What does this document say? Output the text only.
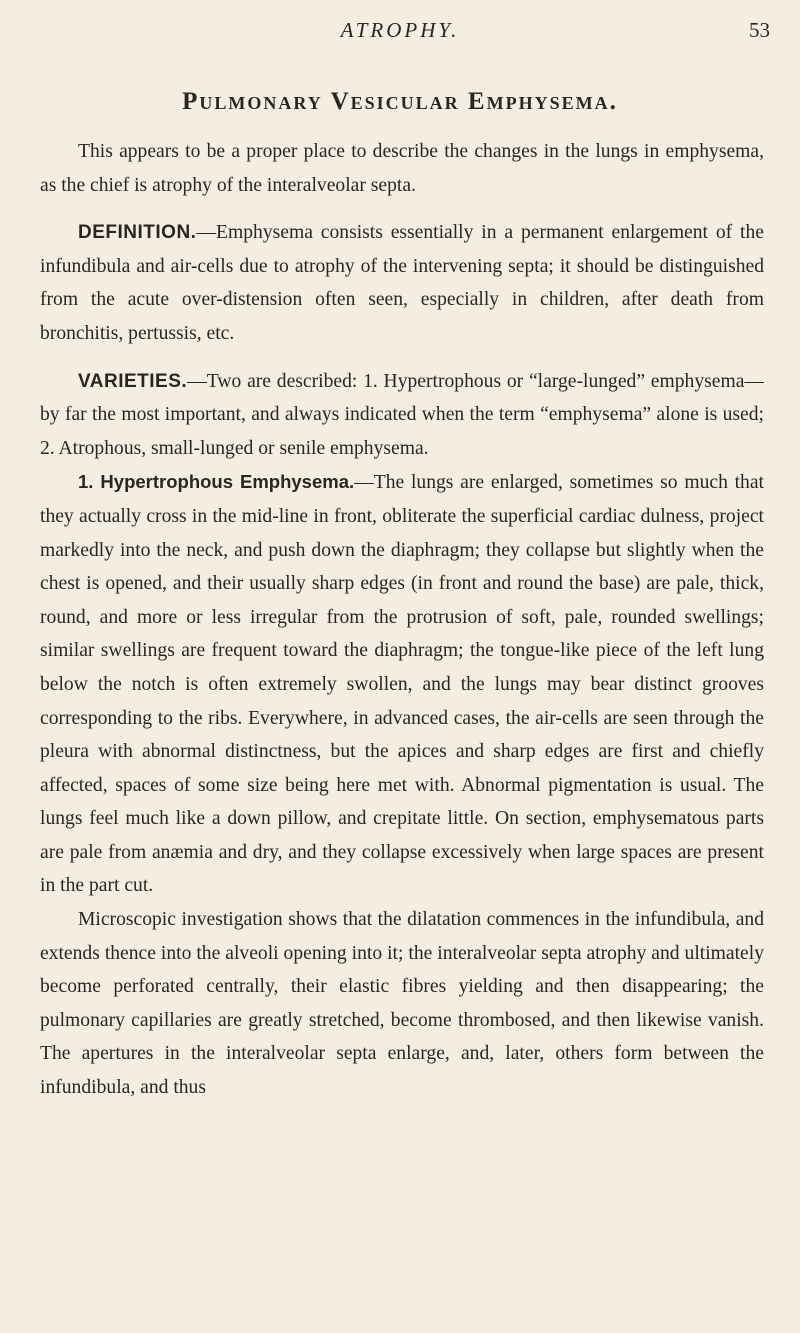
ATROPHY.	53
Pulmonary Vesicular Emphysema.

This appears to be a proper place to describe the changes in the lungs in emphysema, as the chief is atrophy of the interalveolar septa.

DEFINITION.—Emphysema consists essentially in a permanent enlargement of the infundibula and air-cells due to atrophy of the intervening septa; it should be distinguished from the acute over-distension often seen, especially in children, after death from bronchitis, pertussis, etc.

VARIETIES.—Two are described: 1. Hypertrophous or “large-lunged” emphysema—by far the most important, and always indicated when the term “emphysema” alone is used; 2. Atrophous, small-lunged or senile emphysema.

1. Hypertrophous Emphysema.—The lungs are enlarged, sometimes so much that they actually cross in the mid-line in front, obliterate the superficial cardiac dulness, project markedly into the neck, and push down the diaphragm; they collapse but slightly when the chest is opened, and their usually sharp edges (in front and round the base) are pale, thick, round, and more or less irregular from the protrusion of soft, pale, rounded swellings; similar swellings are frequent toward the diaphragm; the tongue-like piece of the left lung below the notch is often extremely swollen, and the lungs may bear distinct grooves corresponding to the ribs. Everywhere, in advanced cases, the air-cells are seen through the pleura with abnormal distinctness, but the apices and sharp edges are first and chiefly affected, spaces of some size being here met with. Abnormal pigmentation is usual. The lungs feel much like a down pillow, and crepitate little. On section, emphysematous parts are pale from anæmia and dry, and they collapse excessively when large spaces are present in the part cut.

Microscopic investigation shows that the dilatation commences in the infundibula, and extends thence into the alveoli opening into it; the interalveolar septa atrophy and ultimately become perforated centrally, their elastic fibres yielding and then disappearing; the pulmonary capillaries are greatly stretched, become thrombosed, and then likewise vanish. The apertures in the interalveolar septa enlarge, and, later, others form between the infundibula, and thus
